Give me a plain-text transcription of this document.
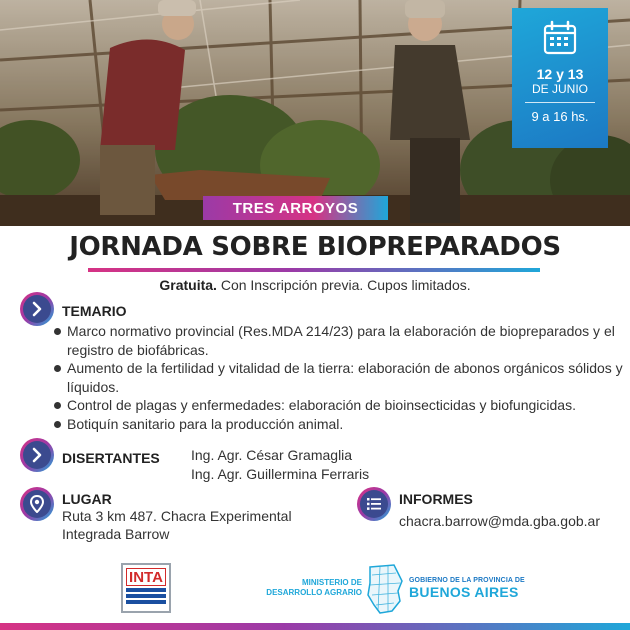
12 y 13
DE JUNIO
9 a 16 hs.
TRES ARROYOS
JORNADA SOBRE BIOPREPARADOS
Gratuita. Con Inscripción previa. Cupos limitados.
TEMARIO
Marco normativo provincial (Res.MDA 214/23) para la elaboración de biopreparados y el registro de biofábricas.
Aumento de la fertilidad y vitalidad de la tierra: elaboración de abonos orgánicos sólidos y líquidos.
Control de plagas y enfermedades: elaboración de bioinsecticidas y biofungicidas.
Botiquín sanitario para la producción animal.
DISERTANTES Ing. Agr. César Gramaglia
Ing. Agr. Guillermina Ferraris
LUGAR
Ruta 3 km 487. Chacra Experimental
Integrada Barrow
INFORMES
chacra.barrow@mda.gba.gob.ar
INTA	MINISTERIO DE
DESARROLLO AGRARIO
GOBIERNO DE LA PROVINCIA DE
BUENOS AIRES
